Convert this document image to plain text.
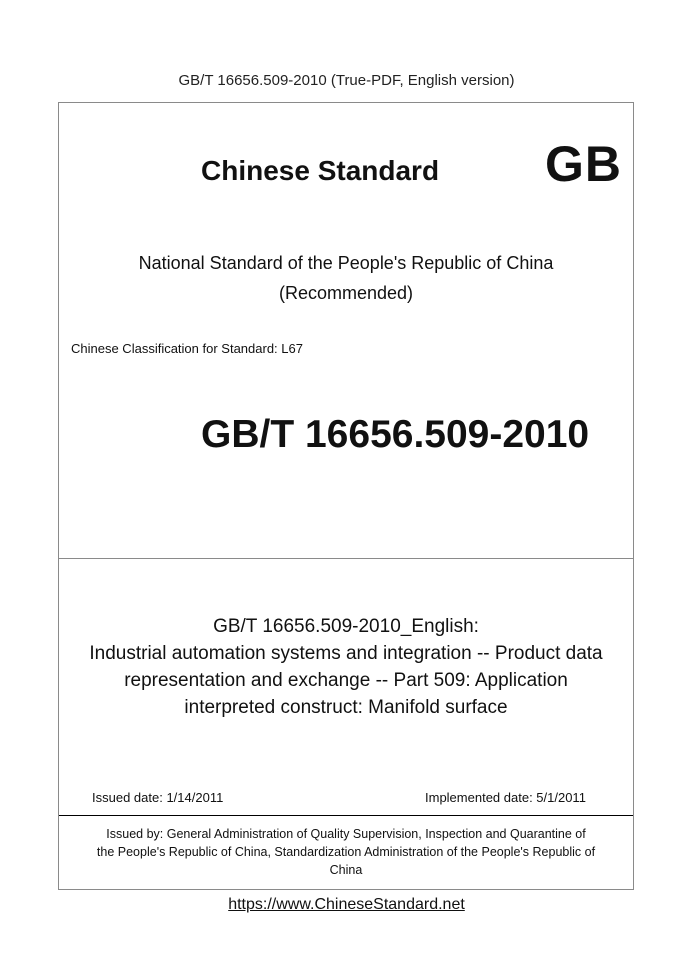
GB/T 16656.509-2010 (True-PDF, English version)
Chinese Standard GB
National Standard of the People's Republic of China
(Recommended)
Chinese Classification for Standard: L67
GB/T 16656.509-2010
GB/T 16656.509-2010_English:
Industrial automation systems and integration -- Product data
representation and exchange -- Part 509: Application
interpreted construct: Manifold surface
Issued date: 1/14/2011	Implemented date: 5/1/2011
Issued by: General Administration of Quality Supervision, Inspection and Quarantine of
the People's Republic of China, Standardization Administration of the People's Republic of
China
https://www.ChineseStandard.net
